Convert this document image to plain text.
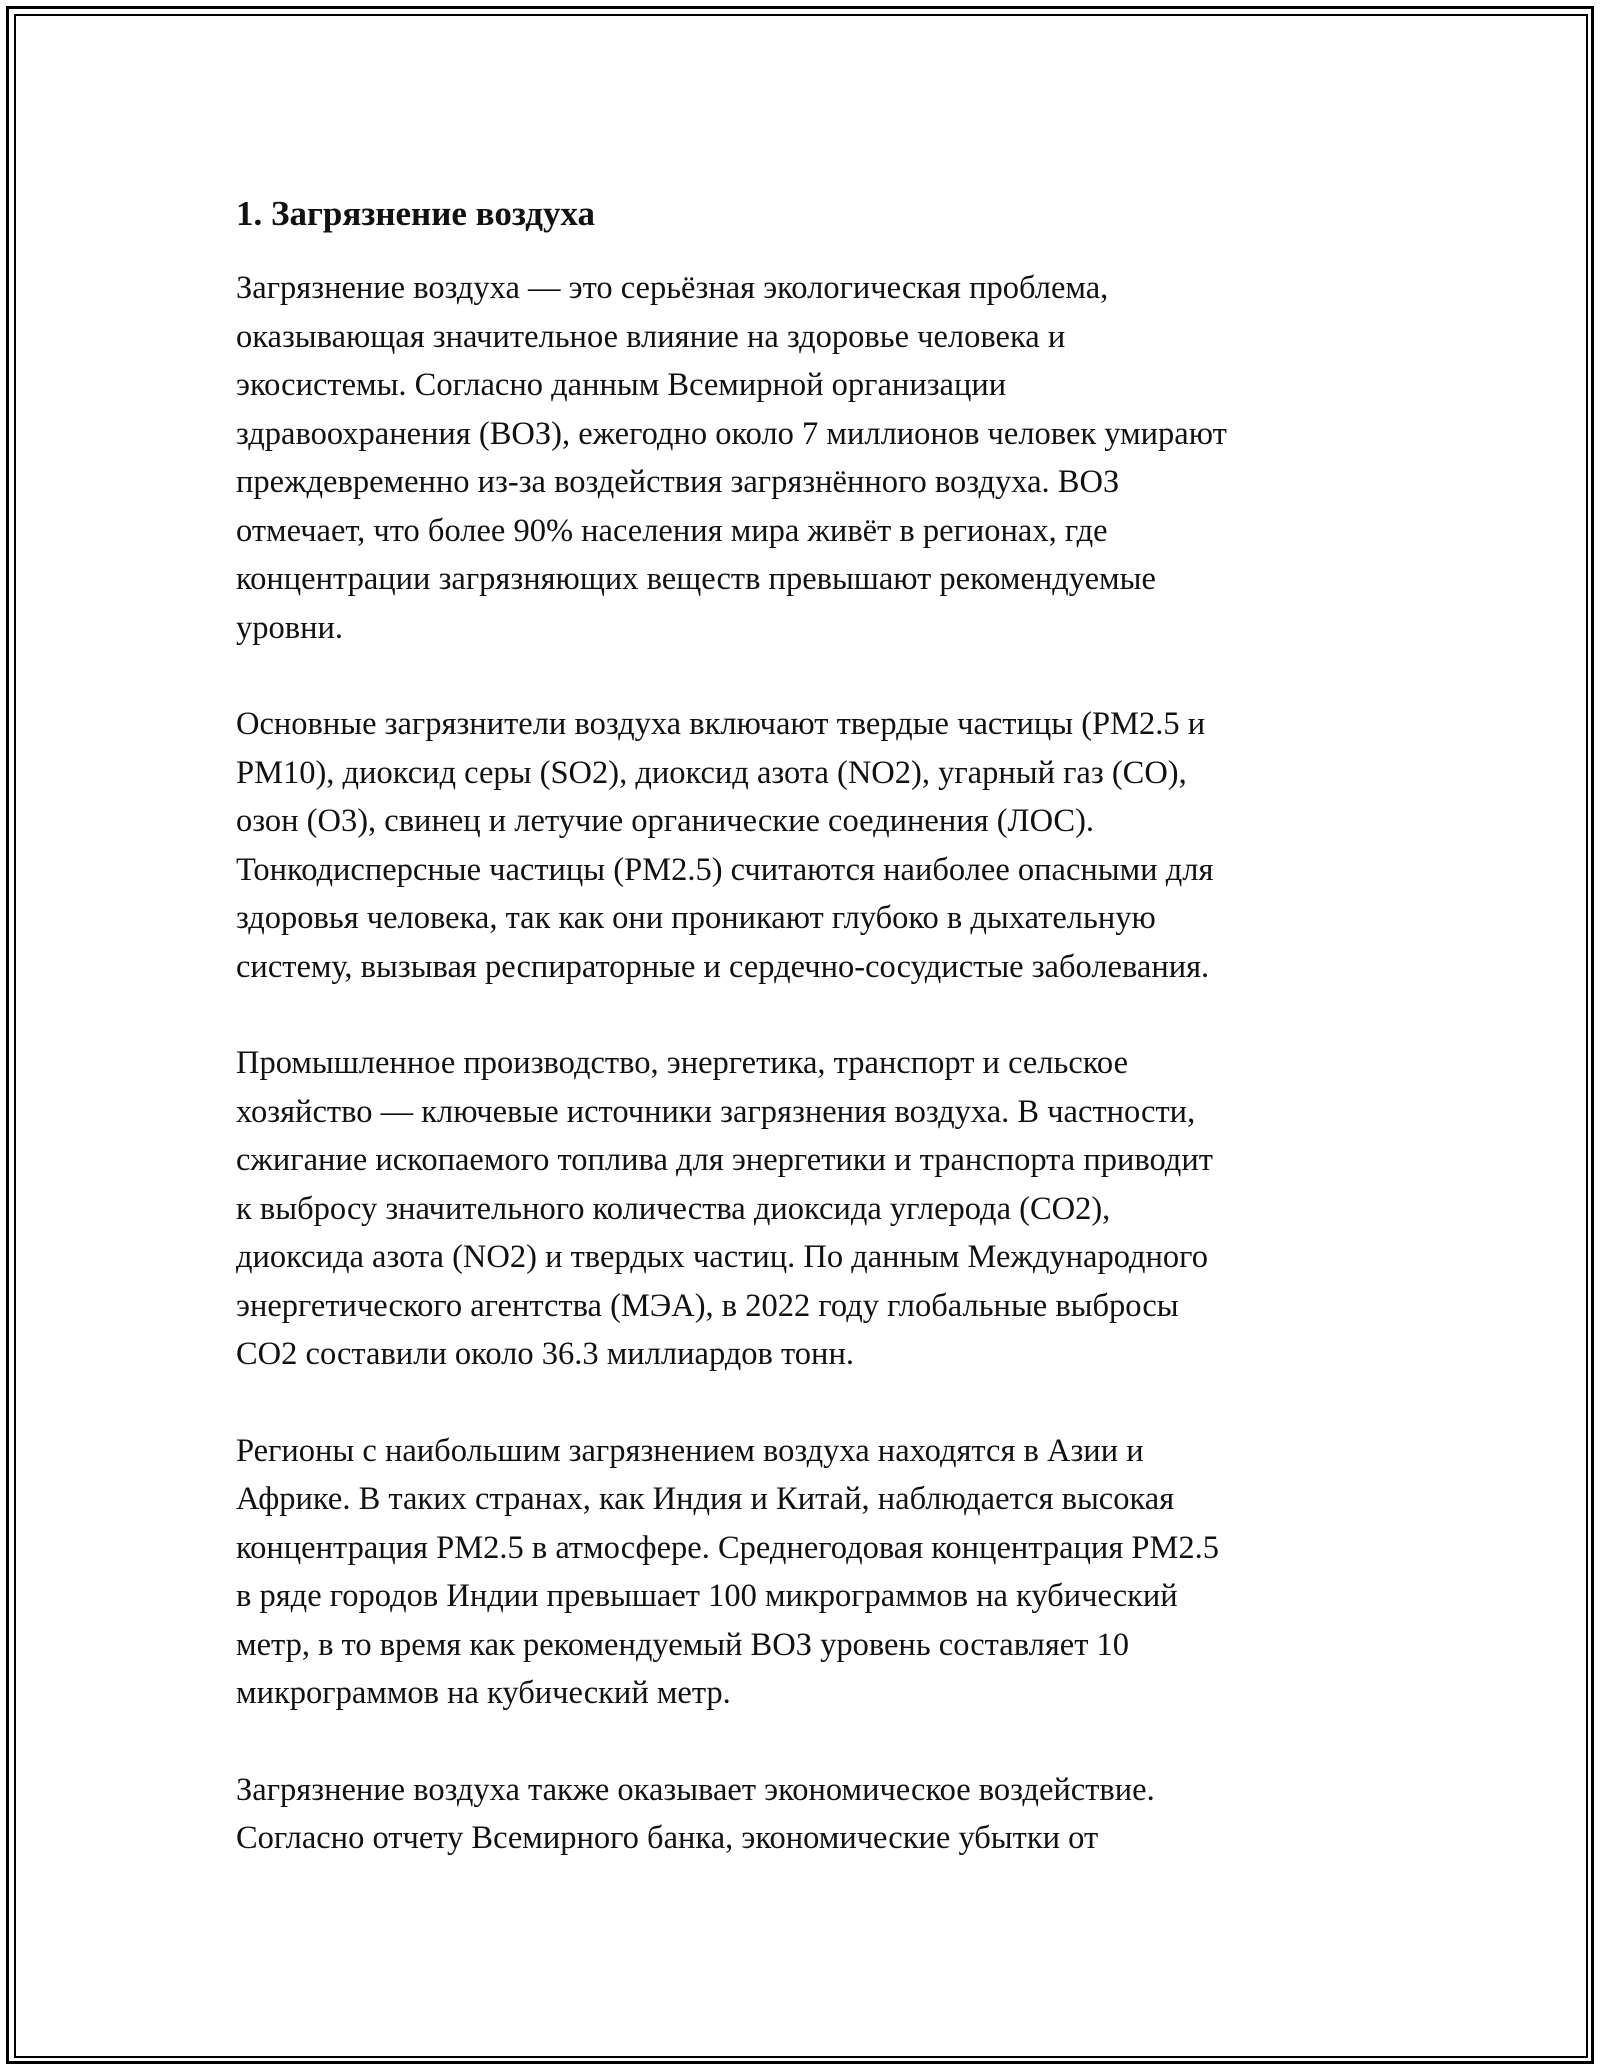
1. Загрязнение воздуха

Загрязнение воздуха — это серьёзная экологическая проблема,
оказывающая значительное влияние на здоровье человека и
экосистемы. Согласно данным Всемирной организации
здравоохранения (ВОЗ), ежегодно около 7 миллионов человек умирают
преждевременно из-за воздействия загрязнённого воздуха. ВОЗ
отмечает, что более 90% населения мира живёт в регионах, где
концентрации загрязняющих веществ превышают рекомендуемые
уровни.

Основные загрязнители воздуха включают твердые частицы (PM2.5 и
PM10), диоксид серы (SO2), диоксид азота (NO2), угарный газ (CO),
озон (O3), свинец и летучие органические соединения (ЛОС).
Тонкодисперсные частицы (PM2.5) считаются наиболее опасными для
здоровья человека, так как они проникают глубоко в дыхательную
систему, вызывая респираторные и сердечно-сосудистые заболевания.

Промышленное производство, энергетика, транспорт и сельское
хозяйство — ключевые источники загрязнения воздуха. В частности,
сжигание ископаемого топлива для энергетики и транспорта приводит
к выбросу значительного количества диоксида углерода (CO2),
диоксида азота (NO2) и твердых частиц. По данным Международного
энергетического агентства (МЭА), в 2022 году глобальные выбросы
CO2 составили около 36.3 миллиардов тонн.

Регионы с наибольшим загрязнением воздуха находятся в Азии и
Африке. В таких странах, как Индия и Китай, наблюдается высокая
концентрация PM2.5 в атмосфере. Среднегодовая концентрация PM2.5
в ряде городов Индии превышает 100 микрограммов на кубический
метр, в то время как рекомендуемый ВОЗ уровень составляет 10
микрограммов на кубический метр.

Загрязнение воздуха также оказывает экономическое воздействие.
Согласно отчету Всемирного банка, экономические убытки от
